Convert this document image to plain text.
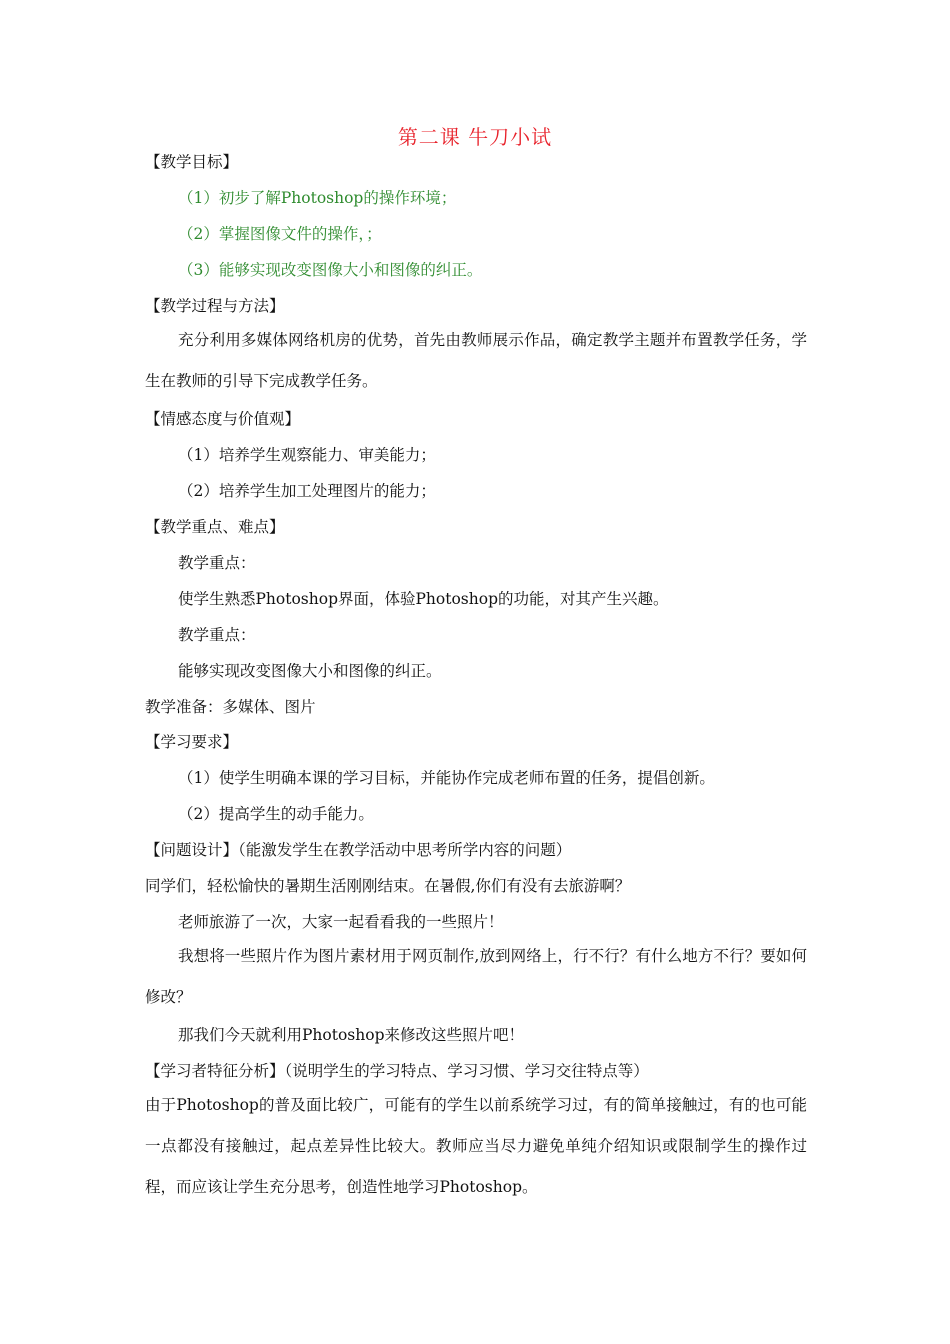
第二课 牛刀小试
【教学目标】
（1）初步了解Photoshop的操作环境；
（2）掌握图像文件的操作，；
（3）能够实现改变图像大小和图像的纠正。
【教学过程与方法】
充分利用多媒体网络机房的优势，首先由教师展示作品，确定教学主题并布置教学任务，学生在教师的引导下完成教学任务。
【情感态度与价值观】
（1）培养学生观察能力、审美能力；
（2）培养学生加工处理图片的能力；
【教学重点、难点】
教学重点：
使学生熟悉Photoshop界面，体验Photoshop的功能，对其产生兴趣。
教学重点：
能够实现改变图像大小和图像的纠正。
教学准备：多媒体、图片
【学习要求】
（1）使学生明确本课的学习目标，并能协作完成老师布置的任务，提倡创新。
（2）提高学生的动手能力。
【问题设计】（能激发学生在教学活动中思考所学内容的问题）
同学们，轻松愉快的暑期生活刚刚结束。在暑假,你们有没有去旅游啊？
老师旅游了一次，大家一起看看我的一些照片！
我想将一些照片作为图片素材用于网页制作,放到网络上，行不行？有什么地方不行？要如何修改？
那我们今天就利用Photoshop来修改这些照片吧！
【学习者特征分析】（说明学生的学习特点、学习习惯、学习交往特点等）
由于Photoshop的普及面比较广，可能有的学生以前系统学习过，有的简单接触过，有的也可能一点都没有接触过，起点差异性比较大。教师应当尽力避免单纯介绍知识或限制学生的操作过程，而应该让学生充分思考，创造性地学习Photoshop。
